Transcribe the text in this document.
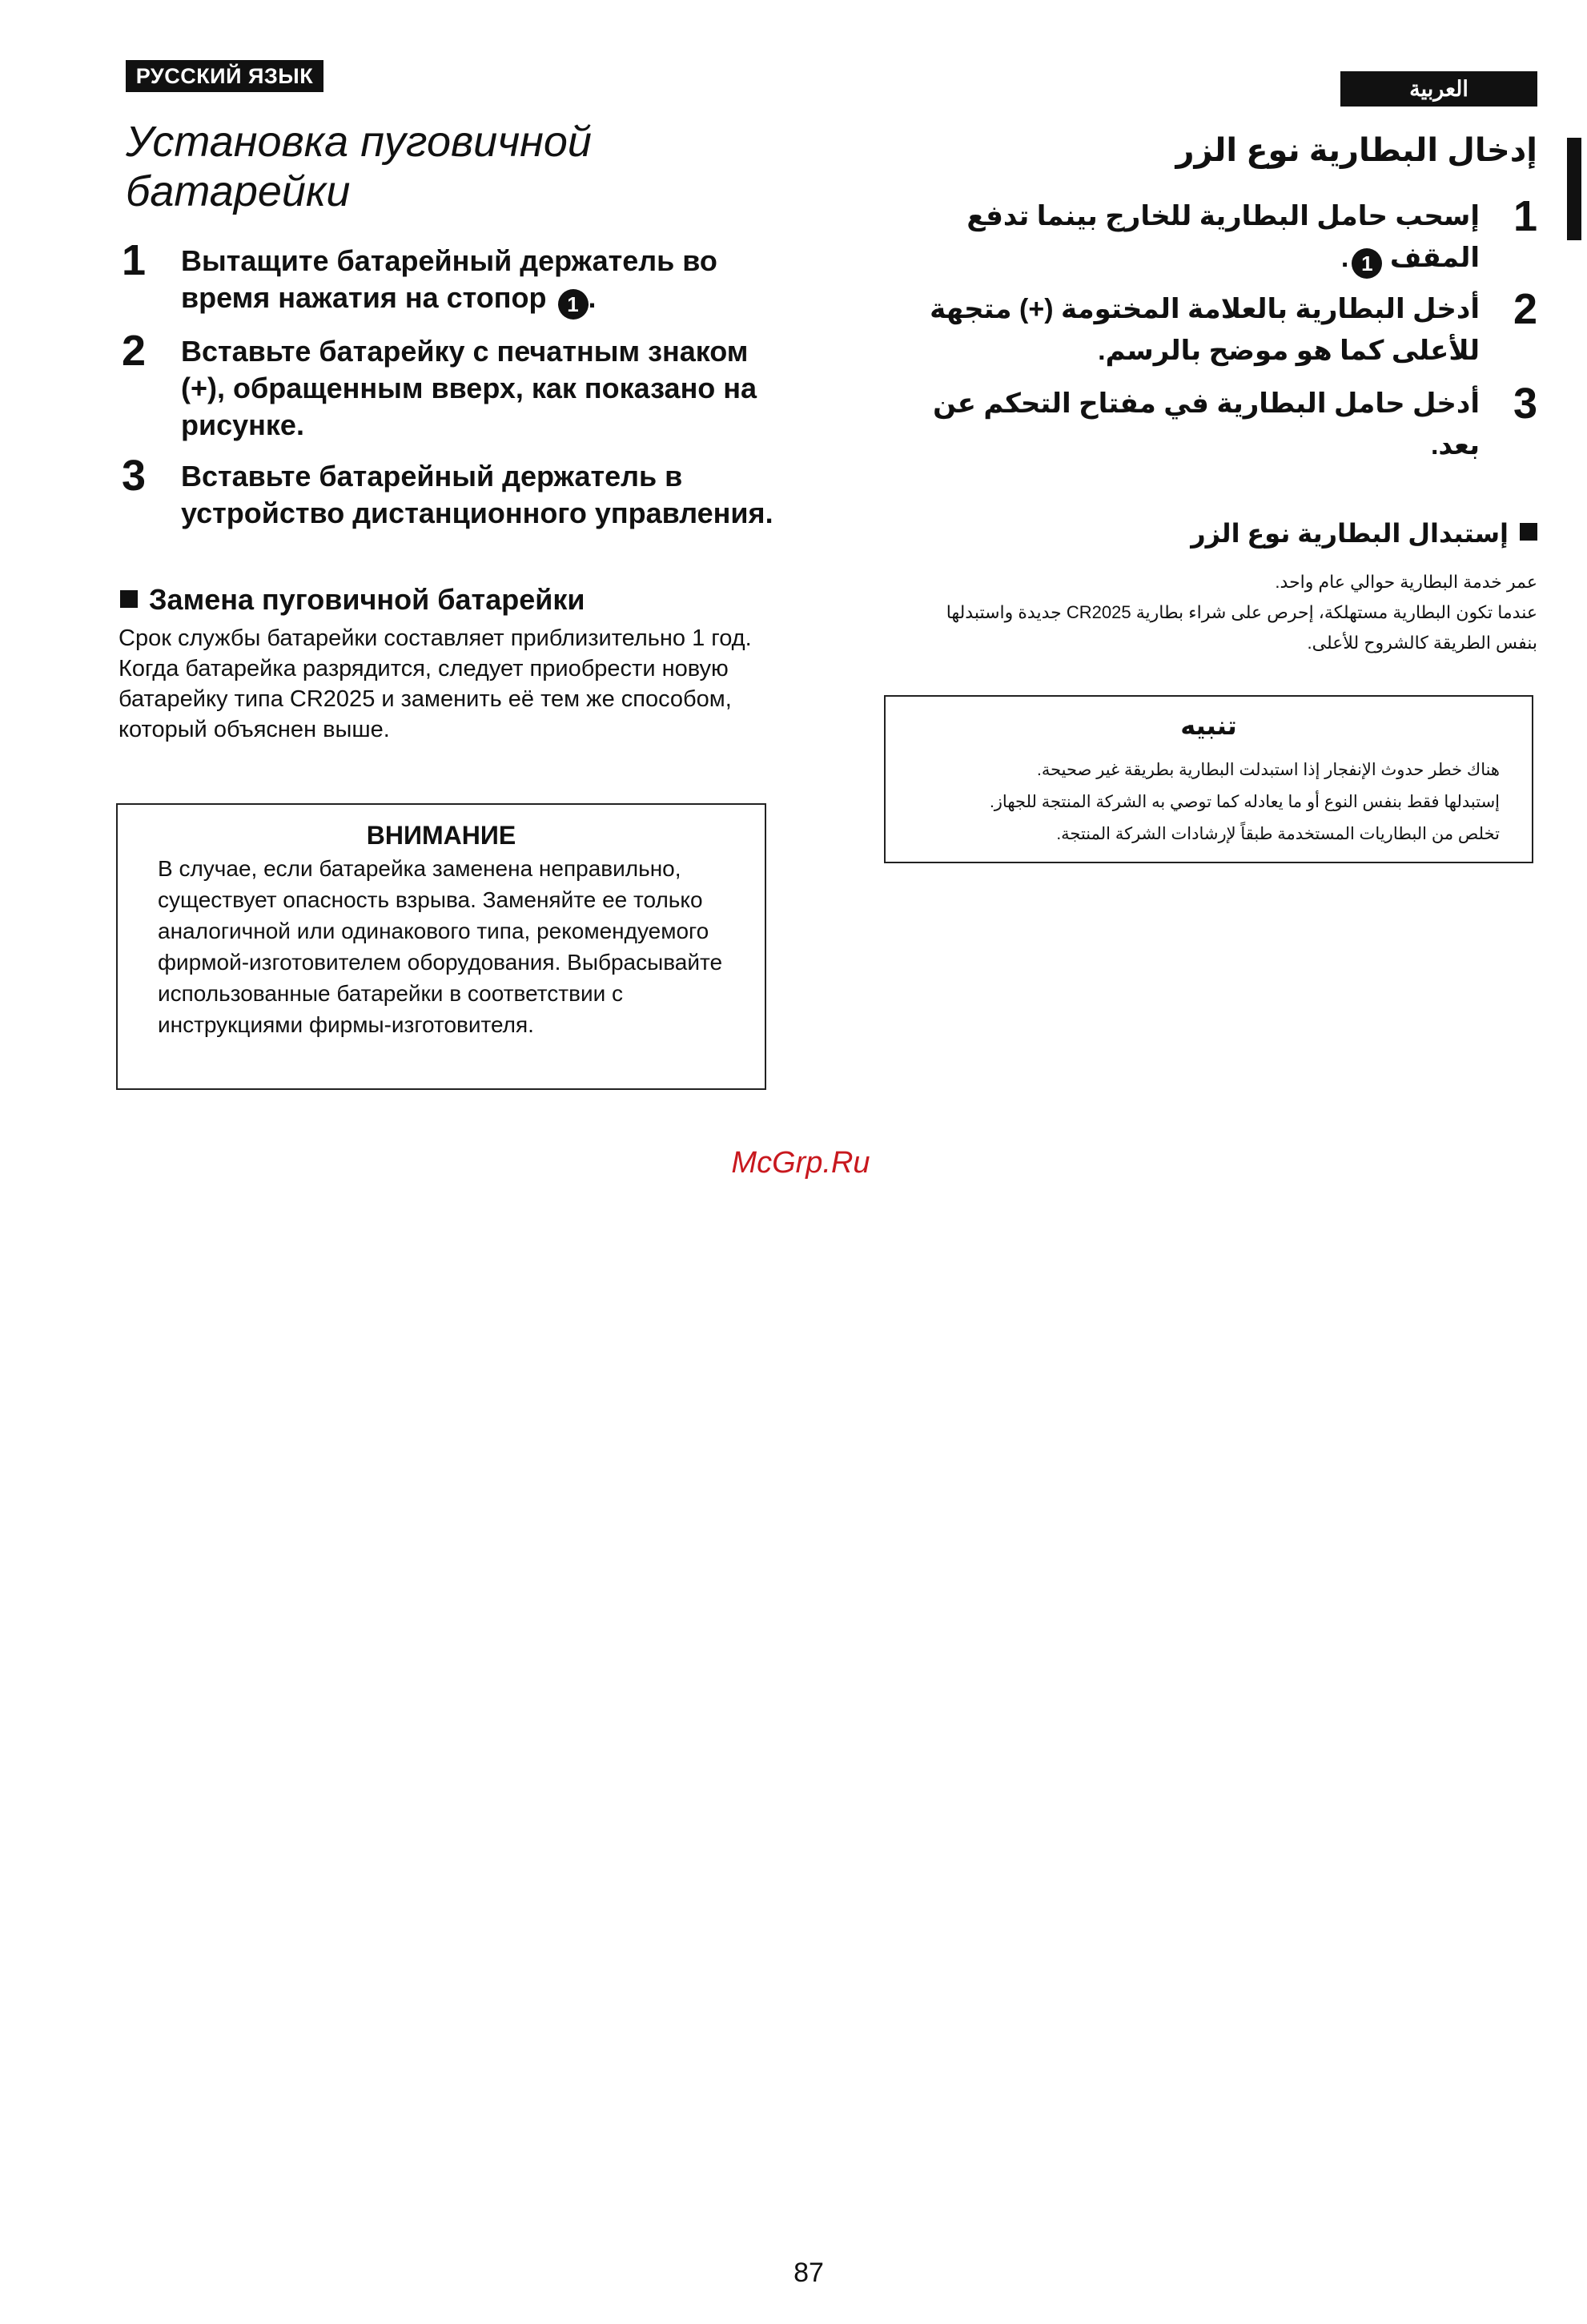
РУССКИЙ ЯЗЫК
Установка пуговичной батарейки
1 Вытащите батарейный держатель во время нажатия на стопор 1 .
2 Вставьте батарейку с печатным знаком (+), обращенным вверх, как показано на рисунке.
3 Вставьте батарейный держатель в устройство дистанционного управления.
Замена пуговичной батарейки

Срок службы батарейки составляет приблизительно 1 год.

Когда батарейка разрядится, следует приобрести новую батарейку типа CR2025 и заменить её тем же способом, который объяснен выше.

ВНИМАНИЕ
В случае, если батарейка заменена неправильно, существует опасность взрыва. Заменяйте ее только аналогичной или одинакового типа, рекомендуемого фирмой-изготовителем оборудования. Выбрасывайте использованные батарейки в соответствии с инструкциями фирмы-изготовителя.
العربية
إدخال البطارية نوع الزر
1
إسحب حامل البطارية للخارج بينما تدفع المقف 1.
2
أدخل البطارية بالعلامة المختومة (+) متجهة للأعلى كما هو موضح بالرسم.
3
أدخل حامل البطارية في مفتاح التحكم عن بعد.
إستبدال البطارية نوع الزر

عمر خدمة البطارية حوالي عام واحد.

عندما تكون البطارية مستهلكة، إحرص على شراء بطارية CR2025 جديدة واستبدلها

بنفس الطريقة كالشروح للأعلى.

تنبيه

هناك خطر حدوث الإنفجار إذا استبدلت البطارية بطريقة غير صحيحة.

إستبدلها فقط بنفس النوع أو ما يعادله كما توصي به الشركة المنتجة للجهاز.

تخلص من البطاريات المستخدمة طبقاً لإرشادات الشركة المنتجة.

McGrp.Ru
87
